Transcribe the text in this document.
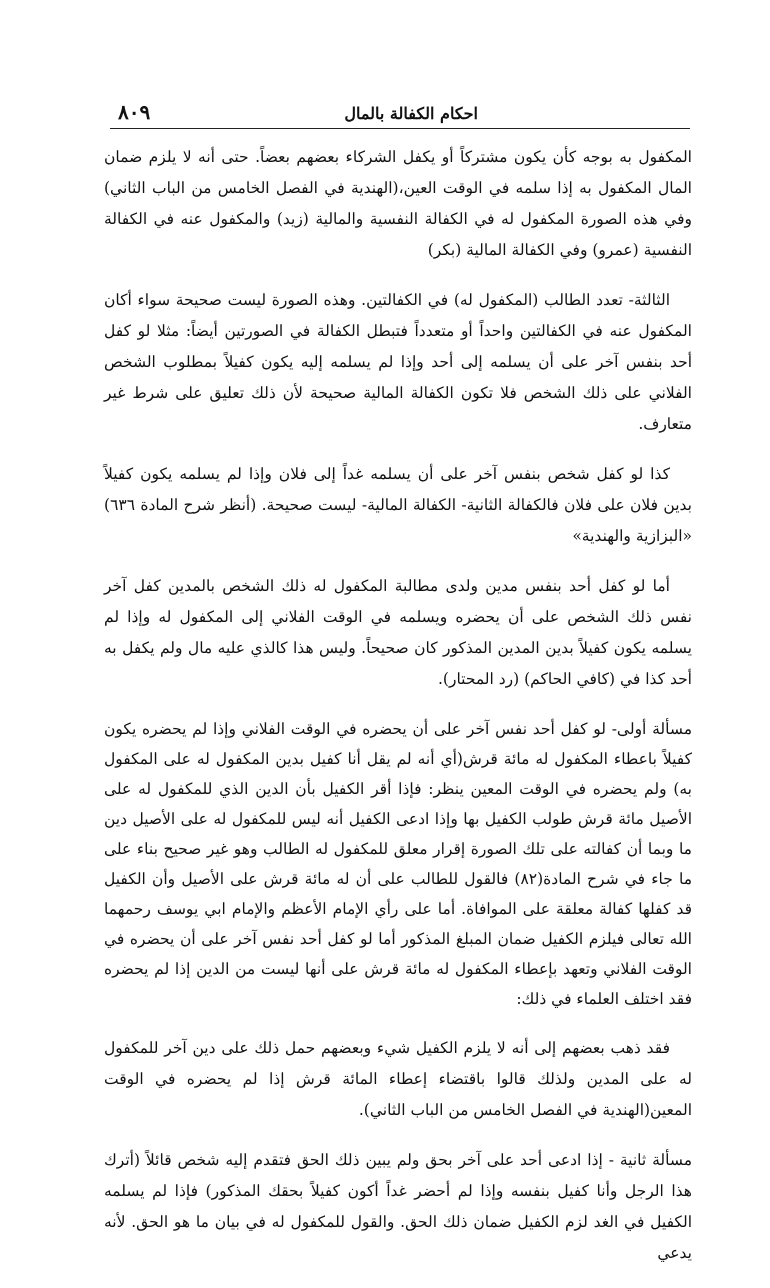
احكام الكفالة بالمال
٨٠٩

المكفول به بوجه كأن يكون مشتركاً أو يكفل الشركاء بعضهم بعضاً. حتى أنه لا يلزم ضمان المال المكفول به إذا سلمه في الوقت العين،(الهندية في الفصل الخامس من الباب الثاني) وفي هذه الصورة المكفول له في الكفالة النفسية والمالية (زيد) والمكفول عنه في الكفالة النفسية (عمرو) وفي الكفالة المالية (بكر)

الثالثة- تعدد الطالب (المكفول له) في الكفالتين. وهذه الصورة ليست صحيحة سواء أكان المكفول عنه في الكفالتين واحداً أو متعدداً فتبطل الكفالة في الصورتين أيضاً: مثلا لو كفل أحد بنفس آخر على أن يسلمه إلى أحد وإذا لم يسلمه إليه يكون كفيلاً بمطلوب الشخص الفلاني على ذلك الشخص فلا تكون الكفالة المالية صحيحة لأن ذلك تعليق على شرط غير متعارف.

كذا لو كفل شخص بنفس آخر على أن يسلمه غداً إلى فلان وإذا لم يسلمه يكون كفيلاً بدين فلان على فلان فالكفالة الثانية- الكفالة المالية- ليست صحيحة. (أنظر شرح المادة ٦٣٦) «البزازية والهندية»

أما لو كفل أحد بنفس مدين ولدى مطالبة المكفول له ذلك الشخص بالمدين كفل آخر نفس ذلك الشخص على أن يحضره ويسلمه في الوقت الفلاني إلى المكفول له وإذا لم يسلمه يكون كفيلاً بدين المدين المذكور كان صحيحاً. وليس هذا كالذي عليه مال ولم يكفل به أحد كذا في (كافي الحاكم) (رد المحتار).

مسألة أولى- لو كفل أحد نفس آخر على أن يحضره في الوقت الفلاني وإذا لم يحضره يكون كفيلاً باعطاء المكفول له مائة قرش(أي أنه لم يقل أنا كفيل بدين المكفول له على المكفول به) ولم يحضره في الوقت المعين ينظر: فإذا أقر الكفيل بأن الدين الذي للمكفول له على الأصيل مائة قرش طولب الكفيل بها وإذا ادعى الكفيل أنه ليس للمكفول له على الأصيل دين ما وبما أن كفالته على تلك الصورة إقرار معلق للمكفول له الطالب وهو غير صحيح بناء على ما جاء في شرح المادة(٨٢) فالقول للطالب على أن له مائة قرش على الأصيل وأن الكفيل قد كفلها كفالة معلقة على الموافاة. أما على رأي الإمام الأعظم والإمام ابي يوسف رحمهما الله تعالى فيلزم الكفيل ضمان المبلغ المذكور أما لو كفل أحد نفس آخر على أن يحضره في الوقت الفلاني وتعهد بإعطاء المكفول له مائة قرش على أنها ليست من الدين إذا لم يحضره فقد اختلف العلماء في ذلك:

فقد ذهب بعضهم إلى أنه لا يلزم الكفيل شيء وبعضهم حمل ذلك على دين آخر للمكفول له على المدين ولذلك قالوا باقتضاء إعطاء المائة قرش إذا لم يحضره في الوقت المعين(الهندية في الفصل الخامس من الباب الثاني).

مسألة ثانية - إذا ادعى أحد على آخر بحق ولم يبين ذلك الحق فتقدم إليه شخص قائلاً (أترك هذا الرجل وأنا كفيل بنفسه وإذا لم أحضر غداً أكون كفيلاً بحقك المذكور) فإذا لم يسلمه الكفيل في الغد لزم الكفيل ضمان ذلك الحق. والقول للمكفول له في بيان ما هو الحق. لأنه يدعي
